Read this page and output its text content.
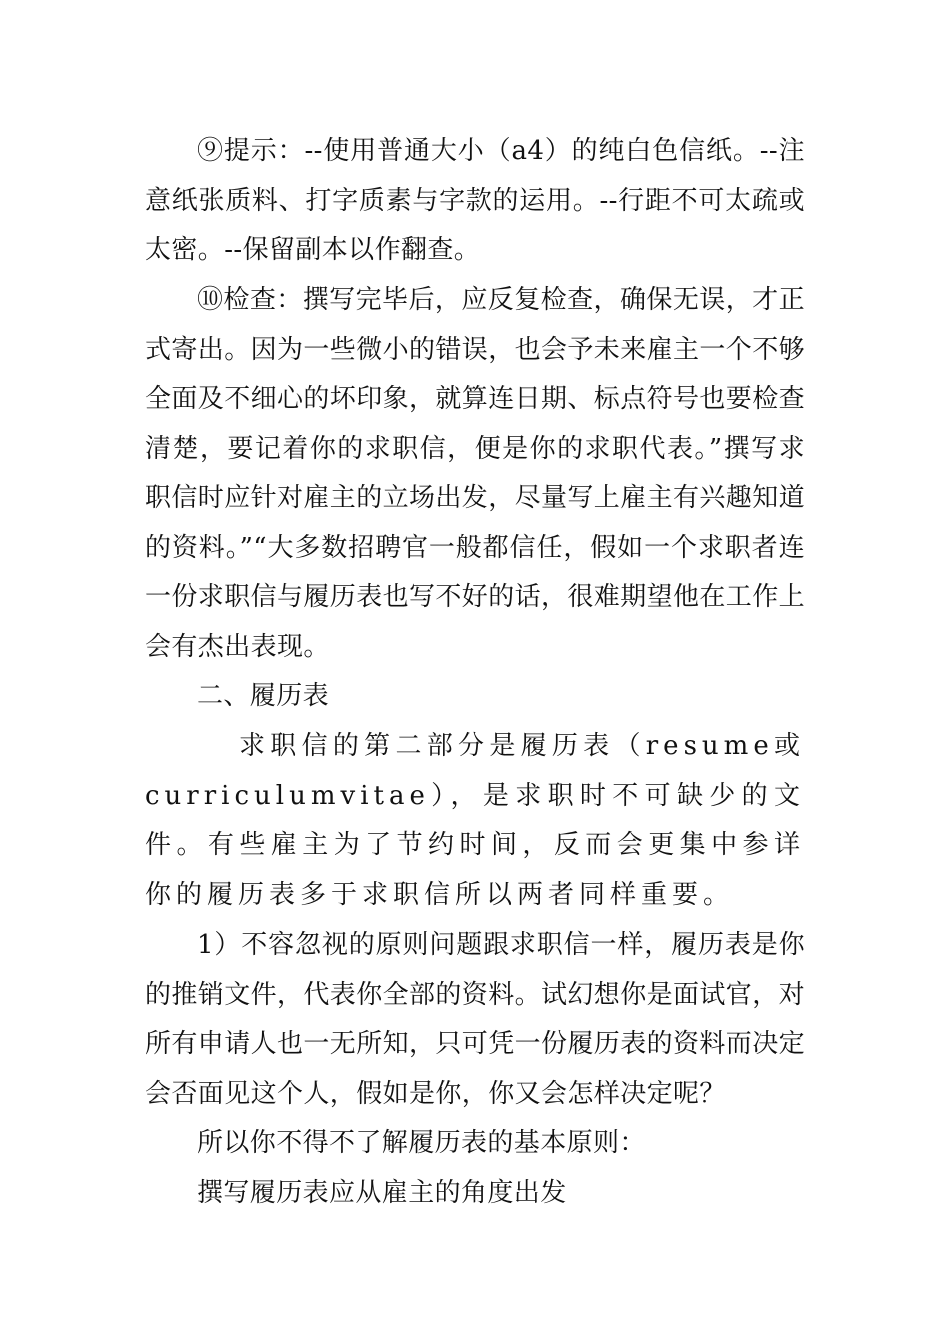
⑨提示：--使用普通大小（a4）的纯白色信纸。--注意纸张质料、打字质素与字款的运用。--行距不可太疏或太密。--保留副本以作翻查。

⑩检查：撰写完毕后，应反复检查，确保无误，才正式寄出。因为一些微小的错误，也会予未来雇主一个不够全面及不细心的坏印象，就算连日期、标点符号也要检查清楚，要记着你的求职信，便是你的求职代表。”撰写求职信时应针对雇主的立场出发，尽量写上雇主有兴趣知道的资料。”“大多数招聘官一般都信任，假如一个求职者连一份求职信与履历表也写不好的话，很难期望他在工作上会有杰出表现。

二、履历表

求职信的第二部分是履历表（resume或curriculumvitae），是求职时不可缺少的文件。有些雇主为了节约时间，反而会更集中参详你的履历表多于求职信所以两者同样重要。

1）不容忽视的原则问题跟求职信一样，履历表是你的推销文件，代表你全部的资料。试幻想你是面试官，对所有申请人也一无所知，只可凭一份履历表的资料而决定会否面见这个人，假如是你，你又会怎样决定呢？

所以你不得不了解履历表的基本原则：

撰写履历表应从雇主的角度出发
